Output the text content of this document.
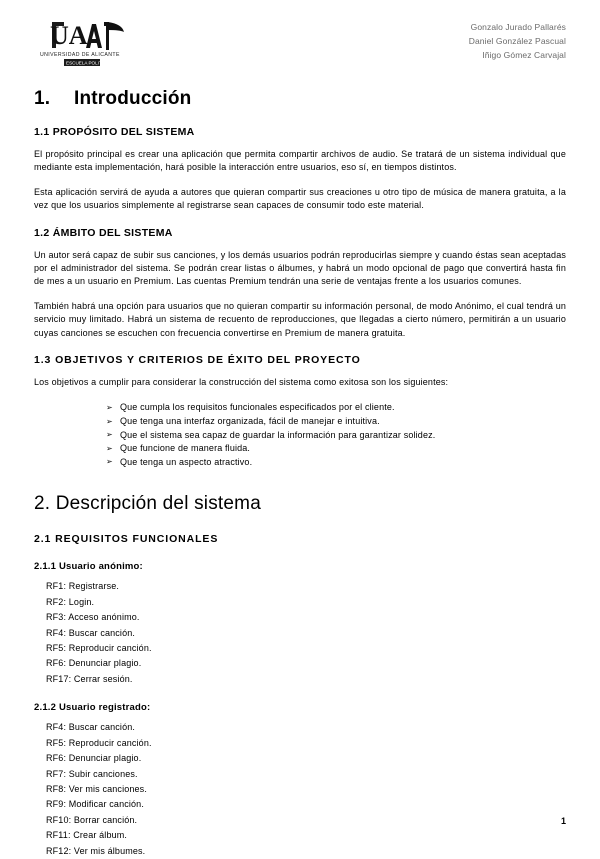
UA
UNIVERSIDAD DE ALICANTE
ESCUELA POLITÉCNICA
Gonzalo Jurado Pallarés
Daniel González Pascual
Iñigo Gómez Carvajal
1. Introducción
1.1 PROPÓSITO DEL SISTEMA

El propósito principal es crear una aplicación que permita compartir archivos de audio. Se tratará de un sistema individual que mediante esta implementación, hará posible la interacción entre usuarios, eso sí, en tiempos distintos.

Esta aplicación servirá de ayuda a autores que quieran compartir sus creaciones u otro tipo de música de manera gratuita, a la vez que los usuarios simplemente al registrarse sean capaces de consumir todo este material.

1.2 ÁMBITO DEL SISTEMA

Un autor será capaz de subir sus canciones, y los demás usuarios podrán reproducirlas siempre y cuando éstas sean aceptadas por el administrador del sistema. Se podrán crear listas o álbumes, y habrá un modo opcional de pago que convertirá hasta fin de mes a un usuario en Premium. Las cuentas Premium tendrán una serie de ventajas frente a los usuarios comunes.

También habrá una opción para usuarios que no quieran compartir su información personal, de modo Anónimo, el cual tendrá un servicio muy limitado. Habrá un sistema de recuento de reproducciones, que llegadas a cierto número, permitirán a un usuario cuyas canciones se escuchen con frecuencia convertirse en Premium de manera gratuita.

1.3 OBJETIVOS Y CRITERIOS DE ÉXITO DEL PROYECTO

Los objetivos a cumplir para considerar la construcción del sistema como exitosa son los siguientes:

➢ Que cumpla los requisitos funcionales especificados por el cliente.
➢ Que tenga una interfaz organizada, fácil de manejar e intuitiva.
➢ Que el sistema sea capaz de guardar la información para garantizar solidez.
➢ Que funcione de manera fluida.
➢ Que tenga un aspecto atractivo.
2. Descripción del sistema
2.1 REQUISITOS FUNCIONALES
2.1.1 Usuario anónimo:
RF1: Registrarse.
RF2: Login.
RF3: Acceso anónimo.
RF4: Buscar canción.
RF5: Reproducir canción.
RF6: Denunciar plagio.
RF17: Cerrar sesión.
2.1.2 Usuario registrado:
RF4: Buscar canción.
RF5: Reproducir canción.
RF6: Denunciar plagio.
RF7: Subir canciones.
RF8: Ver mis canciones.
RF9: Modificar canción.
RF10: Borrar canción.
RF11: Crear álbum.
RF12: Ver mis álbumes.
1
